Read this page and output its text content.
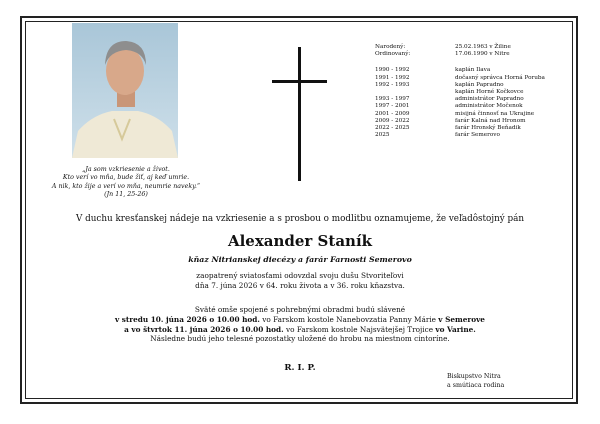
„Ja som vzkriesenie a život.
Kto verí vo mňa, bude žiť, aj keď umrie.
A nik, kto žije a verí vo mňa, neumrie naveky.“
(Jn 11, 25-26)
Narodený:	25.02.1963 v Žiline
Ordinovaný:	17.06.1990 v Nitre
1990 - 1992	kaplán Ilava
1991 - 1992	dočasný správca Horná Poruba
1992 - 1993	kaplán Papradno
kaplán Horné Kočkovce
1993 - 1997	administrátor Papradno
1997 - 2001	administrátor Močenok
2001 - 2009	misijná činnosť na Ukrajine
2009 - 2022	farár Kalná nad Hronom
2022 - 2025	farár Hronský Beňadik
2025	farár Semerovo
V duchu kresťanskej nádeje na vzkriesenie a s prosbou o modlitbu oznamujeme, že veľadôstojný pán
Alexander Staník
kňaz Nitrianskej diecézy a farár Farnosti Semerovo
zaopatrený sviatosťami odovzdal svoju dušu Stvoriteľovi
dňa 7. júna 2026 v 64. roku života a v 36. roku kňazstva.
Sväté omše spojené s pohrebnými obradmi budú slávené
v stredu 10. júna 2026 o 10.00 hod. vo Farskom kostole Nanebovzatia Panny Márie v Semerove
a vo štvrtok 11. júna 2026 o 10.00 hod. vo Farskom kostole Najsvätejšej Trojice vo Varine.
Následne budú jeho telesné pozostatky uložené do hrobu na miestnom cintoríne.
R. I. P.
Biskupstvo Nitra
a smútiaca rodina
